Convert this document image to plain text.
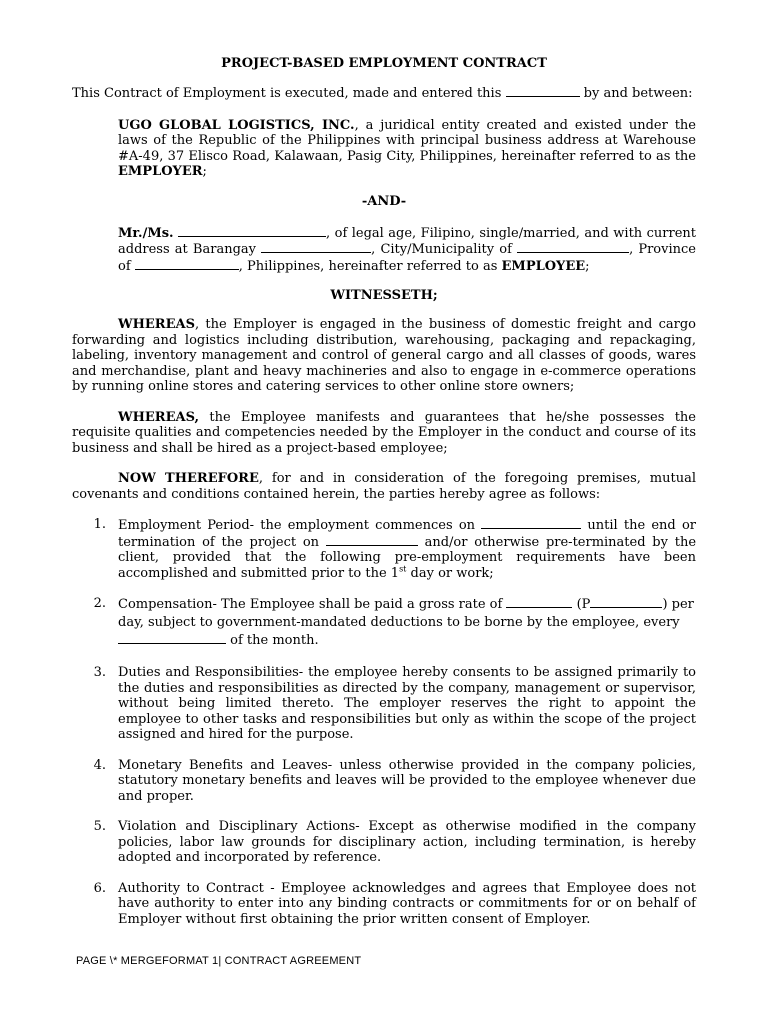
PROJECT-BASED EMPLOYMENT CONTRACT

This Contract of Employment is executed, made and entered this	by and between:

UGO GLOBAL LOGISTICS, INC., a juridical entity created and existed under the laws of the Republic of the Philippines with principal business address at Warehouse #A-49, 37 Elisco Road, Kalawaan, Pasig City, Philippines, hereinafter referred to as the EMPLOYER;

-AND-

Mr./Ms.	, of legal age, Filipino, single/married, and with current address at Barangay	, City/Municipality of	, Province of	, Philippines, hereinafter referred to as EMPLOYEE;

WITNESSETH;

WHEREAS, the Employer is engaged in the business of domestic freight and cargo forwarding and logistics including distribution, warehousing, packaging and repackaging, labeling, inventory management and control of general cargo and all classes of goods, wares and merchandise, plant and heavy machineries and also to engage in e-commerce operations by running online stores and catering services to other online store owners;

WHEREAS, the Employee manifests and guarantees that he/she possesses the requisite qualities and competencies needed by the Employer in the conduct and course of its business and shall be hired as a project-based employee;

NOW THEREFORE, for and in consideration of the foregoing premises, mutual covenants and conditions contained herein, the parties hereby agree as follows:

1. Employment Period- the employment commences on	until the end or termination of the project on	and/or otherwise pre-terminated by the client, provided that the following pre-employment requirements have been accomplished and submitted prior to the 1st day or work;
2. Compensation- The Employee shall be paid a gross rate of	(P	) per day, subject to government-mandated deductions to be borne by the employee, every  of the month.
3. Duties and Responsibilities- the employee hereby consents to be assigned primarily to the duties and responsibilities as directed by the company, management or supervisor, without being limited thereto. The employer reserves the right to appoint the employee to other tasks and responsibilities but only as within the scope of the project assigned and hired for the purpose.
4. Monetary Benefits and Leaves- unless otherwise provided in the company policies, statutory monetary benefits and leaves will be provided to the employee whenever due and proper.
5. Violation and Disciplinary Actions- Except as otherwise modified in the company policies, labor law grounds for disciplinary action, including termination, is hereby adopted and incorporated by reference.
6. Authority to Contract - Employee acknowledges and agrees that Employee does not have authority to enter into any binding contracts or commitments for or on behalf of Employer without first obtaining the prior written consent of Employer.
PAGE \* MERGEFORMAT 1| CONTRACT AGREEMENT
